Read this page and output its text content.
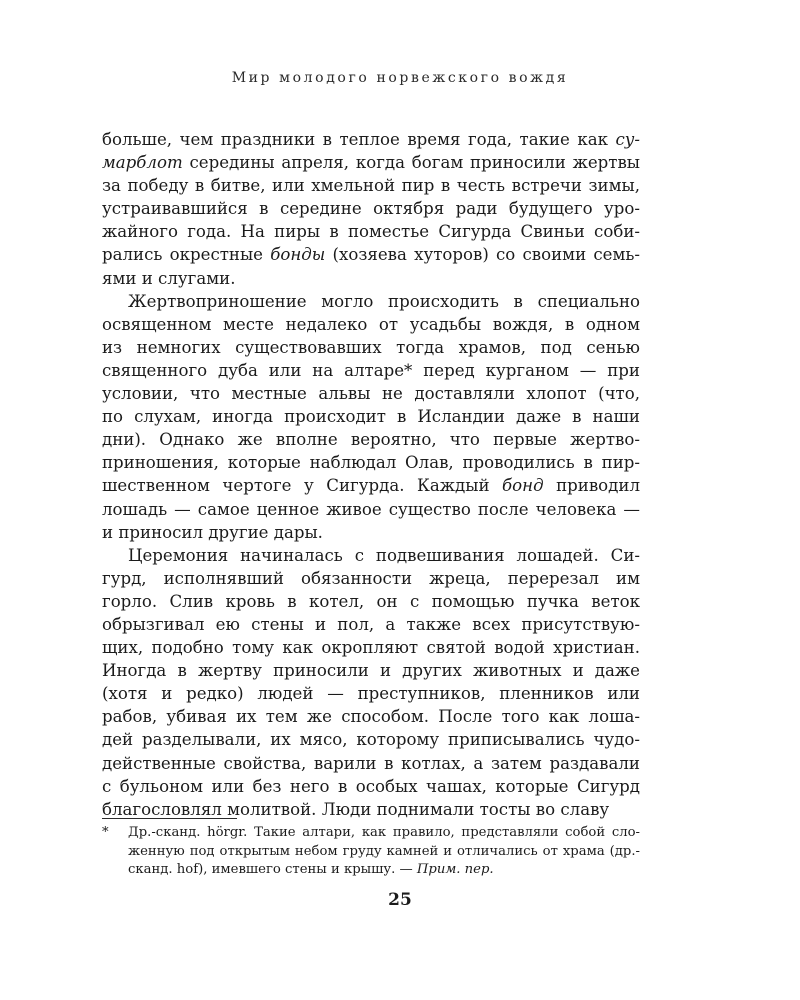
Мир молодого норвежского вождя
больше, чем праздники в теплое время года, такие как су-
марблот середины апреля, когда богам приносили жертвы
за победу в битве, или хмельной пир в честь встречи зимы,
устраивавшийся в середине октября ради будущего уро-
жайного года. На пиры в поместье Сигурда Свиньи соби-
рались окрестные бонды (хозяева хуторов) со своими семь-
ями и слугами.
Жертвоприношение могло происходить в специально
освященном месте недалеко от усадьбы вождя, в одном
из немногих существовавших тогда храмов, под сенью
священного дуба или на алтаре* перед курганом — при
условии, что местные альвы не доставляли хлопот (что,
по слухам, иногда происходит в Исландии даже в наши
дни). Однако же вполне вероятно, что первые жертво-
приношения, которые наблюдал Олав, проводились в пир-
шественном чертоге у Сигурда. Каждый бонд приводил
лошадь — самое ценное живое существо после человека —
и приносил другие дары.
Церемония начиналась с подвешивания лошадей. Си-
гурд, исполнявший обязанности жреца, перерезал им
горло. Слив кровь в котел, он с помощью пучка веток
обрызгивал ею стены и пол, а также всех присутствую-
щих, подобно тому как окропляют святой водой христиан.
Иногда в жертву приносили и других животных и даже
(хотя и редко) людей — преступников, пленников или
рабов, убивая их тем же способом. После того как лоша-
дей разделывали, их мясо, которому приписывались чудо-
действенные свойства, варили в котлах, а затем раздавали
с бульоном или без него в особых чашах, которые Сигурд
благословлял молитвой. Люди поднимали тосты во славу
* Др.-сканд. hörgr. Такие алтари, как правило, представляли собой сло-
женную под открытым небом груду камней и отличались от храма (др.-
сканд. hof), имевшего стены и крышу. — Прим. пер.
25
